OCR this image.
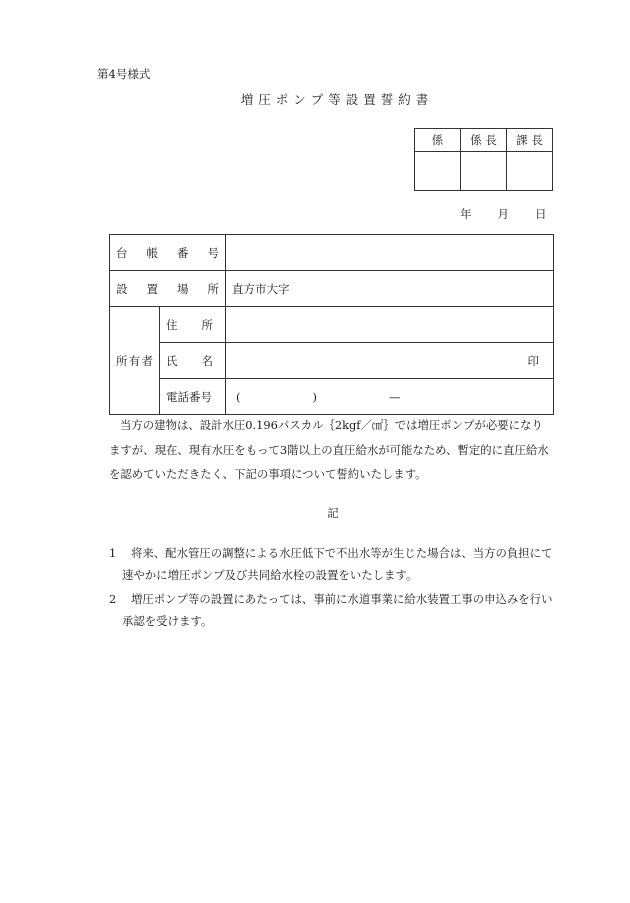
第4号様式
増圧ポンプ等設置誓約書
係	係 長	課 長

年 月 日
台 帳 番 号		

設 置 場 所		直方市大字

所 有 者	住 所	

	氏 名	印
	電話番号	( ) —
当方の建物は、設計水圧0.196パスカル｛2kgf／㎠｝では増圧ポンプが必要になり
ますが、現在、現有水圧をもって3階以上の直圧給水が可能なため、暫定的に直圧給水
を認めていただきたく、下記の事項について誓約いたします。
記
1 将来、配水管圧の調整による水圧低下で不出水等が生じた場合は、当方の負担にて
速やかに増圧ポンプ及び共同給水栓の設置をいたします。
2 増圧ポンプ等の設置にあたっては、事前に水道事業に給水装置工事の申込みを行い
承認を受けます。
